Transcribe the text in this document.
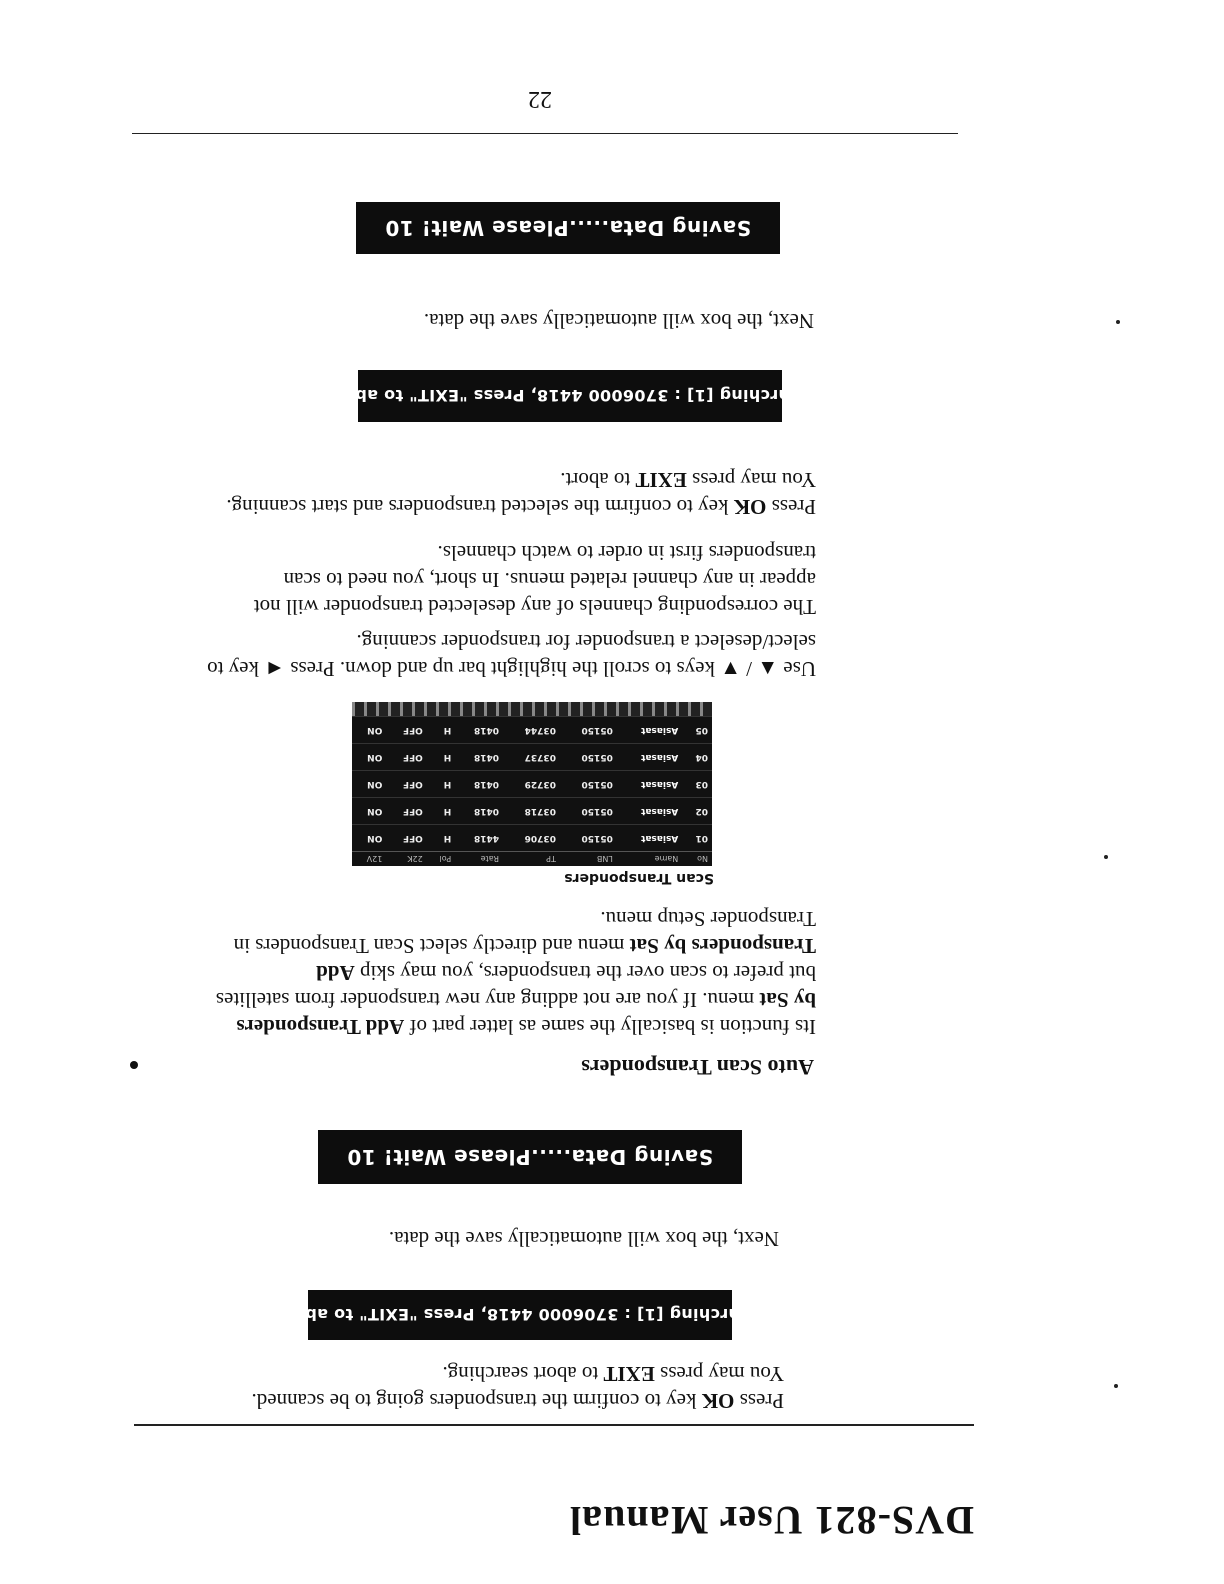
DVS-821 User Manual
Press OK key to confirm the transponders going to be scanned.
You may press EXIT to abort searching.
Searching [1] : 3706000 4418, Press "EXIT" to abort
Next, the box will automatically save the data.
Saving Data.....Please Wait! 10
Auto Scan Transponders
Its function is basically the same as latter part of Add Transponders
by Sat menu. If you are not adding any new transponder from satellites
but prefer to scan over the transponders, you may skip Add
Transponders by Sat menu and directly select Scan Transponders in
Transponder Setup menu.
Scan Transponders
No	Name	LNB	TP	Rate	Pol	22K	12V
01	Asiasat	05150	03706	4418	H	OFF	ON
02	Asiasat	05150	03718	0418	H	OFF	ON
03	Asiasat	05150	03729	0418	H	OFF	ON
04	Asiasat	05150	03737	0418	H	OFF	ON
05	Asiasat	05150	03744	0418	H	OFF	ON
Use ▲ / ▼ keys to scroll the highlight bar up and down. Press ◄ key to
select/deselect a transponder for transponder scanning.
The corresponding channels of any deselected transponder will not
appear in any channel related menus. In short, you need to scan
transponders first in order to watch channels.
Press OK key to confirm the selected transponders and start scanning.
You may press EXIT to abort.
Searching [1] : 3706000 4418, Press "EXIT" to abort
Next, the box will automatically save the data.
Saving Data.....Please Wait! 10
22
